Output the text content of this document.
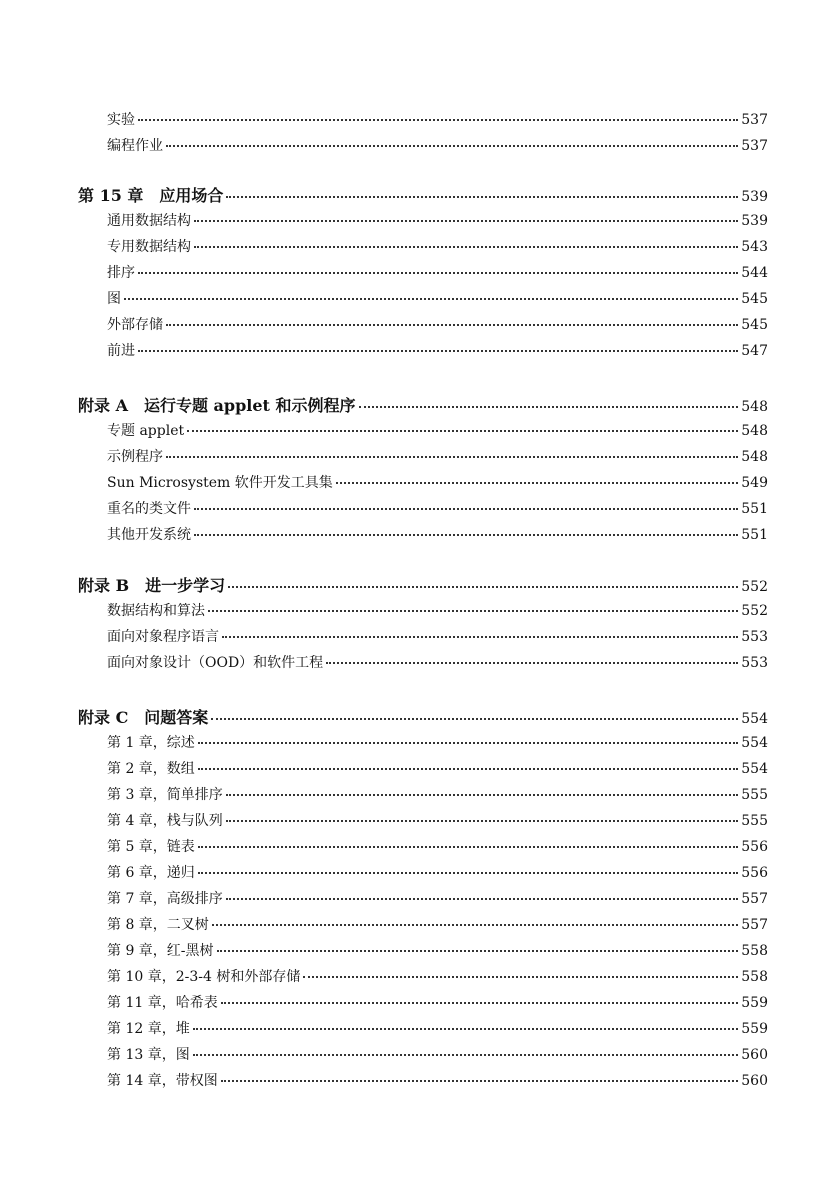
实验	537
编程作业	537
第 15 章　应用场合	539
通用数据结构	539
专用数据结构	543
排序	544
图	545
外部存储	545
前进	547
附录 A　运行专题 applet 和示例程序	548
专题 applet	548
示例程序	548
Sun Microsystem 软件开发工具集	549
重名的类文件	551
其他开发系统	551
附录 B　进一步学习	552
数据结构和算法	552
面向对象程序语言	553
面向对象设计（OOD）和软件工程	553
附录 C　问题答案	554
第 1 章，综述	554
第 2 章，数组	554
第 3 章，简单排序	555
第 4 章，栈与队列	555
第 5 章，链表	556
第 6 章，递归	556
第 7 章，高级排序	557
第 8 章，二叉树	557
第 9 章，红-黑树	558
第 10 章，2-3-4 树和外部存储	558
第 11 章，哈希表	559
第 12 章，堆	559
第 13 章，图	560
第 14 章，带权图	560
